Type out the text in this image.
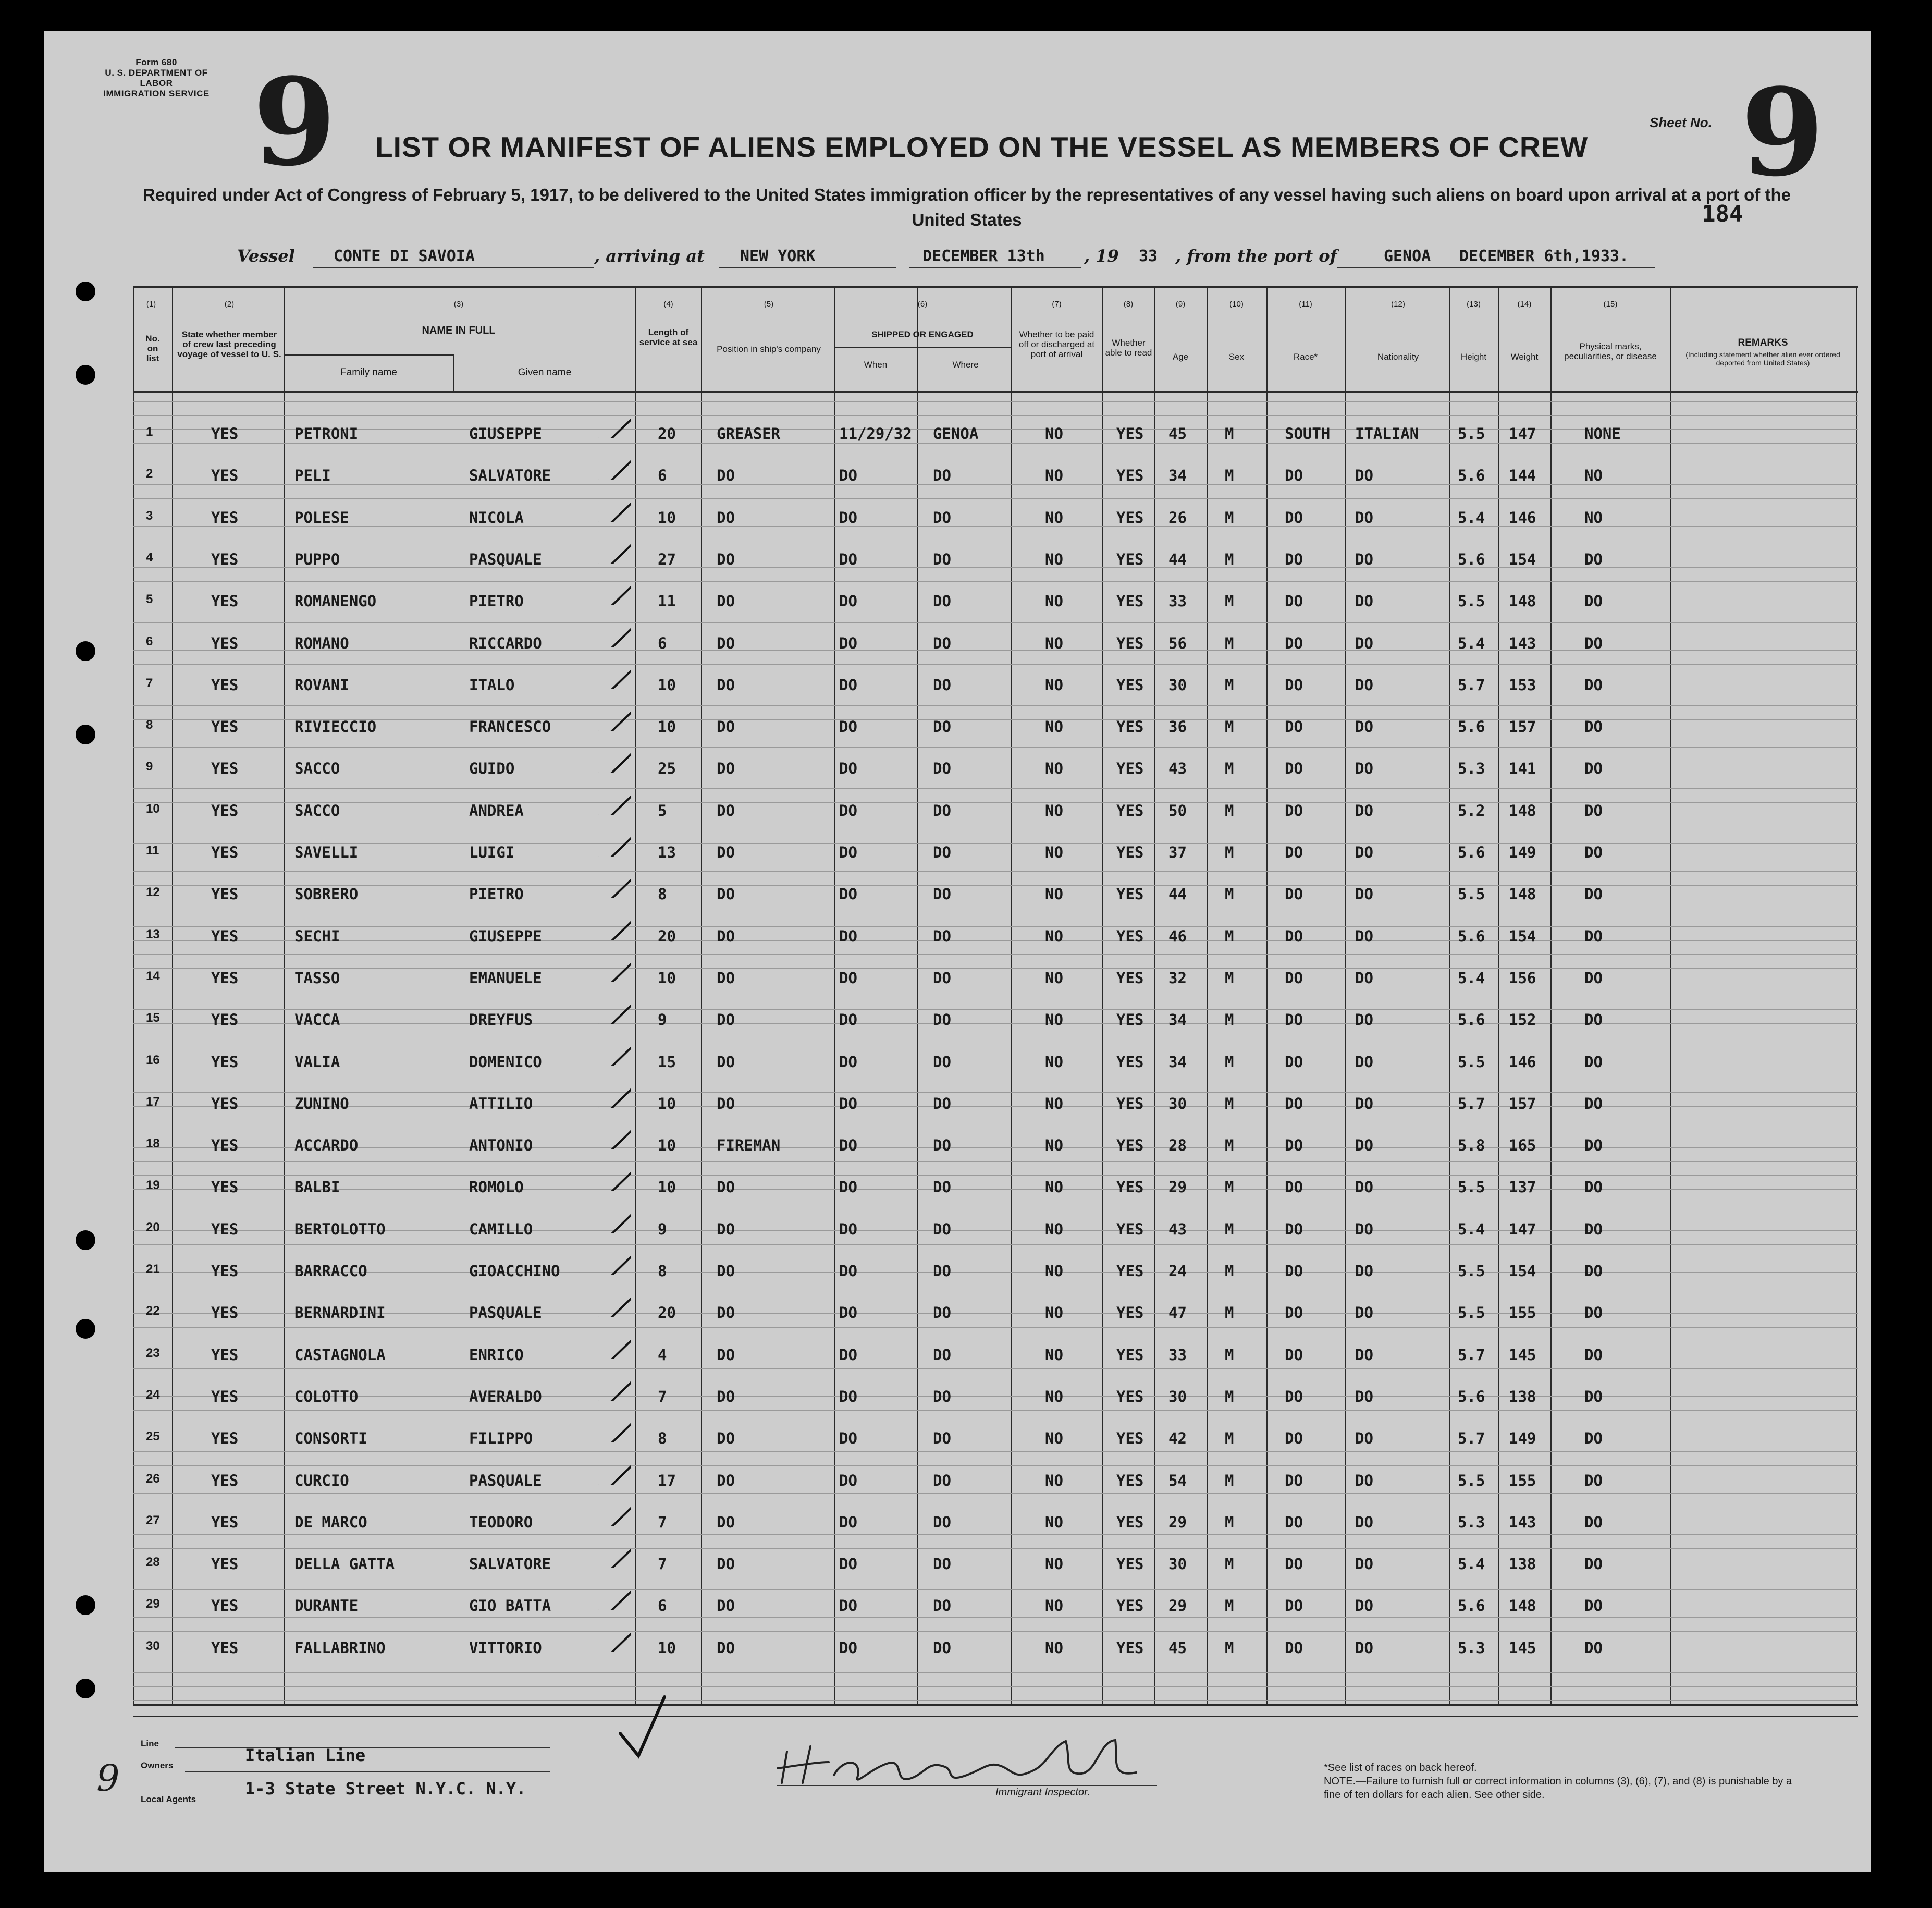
Form 680
U. S. DEPARTMENT OF LABOR
IMMIGRATION SERVICE 9 LIST OR MANIFEST OF ALIENS EMPLOYED ON THE VESSEL AS MEMBERS OF CREW
Sheet No. 9
Required under Act of Congress of February 5, 1917, to be delivered to the United States immigration officer by the representatives of any vessel having such aliens on board upon arrival at a port of the United States	184
Vessel CONTE DI SAVOIA	, arriving at NEW YORK	DECEMBER 13th , 19 33 , from the port of	GENOA DECEMBER 6th,1933.
(1)
No. on list
(2)
State whether member of crew last preceding voyage of vessel to U. S.
(3)
NAME IN FULL
Family name	Given name
(4)
Length of service at sea
(5)
Position in ship's company
(6)
SHIPPED OR ENGAGED
When	Where
(7)
Whether to be paid off or discharged at port of arrival
(8)
Whether able to read
(9)
Age
(10)
Sex
(11)
Race*
(12)
Nationality
(13)
Height
(14)
Weight
(15)
Physical marks, peculiarities, or disease
REMARKS
(Including statement whether alien ever ordered deported from United States)
1	YES	PETRONI	GIUSEPPE	20	GREASER	11/29/32 GENOA	NO	YES 45	M	SOUTH ITALIAN	5.5 147	NONE
2	YES	PELI	SALVATORE	6	DO	DO	DO	NO	YES 34	M	DO	DO	5.6 144	NO
3	YES	POLESE	NICOLA	10	DO	DO	DO	NO	YES 26	M	DO	DO	5.4 146	NO
4	YES	PUPPO	PASQUALE	27	DO	DO	DO	NO	YES 44	M	DO	DO	5.6 154	DO
5	YES	ROMANENGO	PIETRO	11	DO	DO	DO	NO	YES 33	M	DO	DO	5.5 148	DO
6	YES	ROMANO	RICCARDO	6	DO	DO	DO	NO	YES 56	M	DO	DO	5.4 143	DO
7	YES	ROVANI	ITALO	10	DO	DO	DO	NO	YES 30	M	DO	DO	5.7 153	DO
8	YES	RIVIECCIO	FRANCESCO	10	DO	DO	DO	NO	YES 36	M	DO	DO	5.6 157	DO
9	YES	SACCO	GUIDO	25	DO	DO	DO	NO	YES 43	M	DO	DO	5.3 141	DO
10	YES	SACCO	ANDREA	5	DO	DO	DO	NO	YES 50	M	DO	DO	5.2 148	DO
11	YES	SAVELLI	LUIGI	13	DO	DO	DO	NO	YES 37	M	DO	DO	5.6 149	DO
12	YES	SOBRERO	PIETRO	8	DO	DO	DO	NO	YES 44	M	DO	DO	5.5 148	DO
13	YES	SECHI	GIUSEPPE	20	DO	DO	DO	NO	YES 46	M	DO	DO	5.6 154	DO
14	YES	TASSO	EMANUELE	10	DO	DO	DO	NO	YES 32	M	DO	DO	5.4 156	DO
15	YES	VACCA	DREYFUS	9	DO	DO	DO	NO	YES 34	M	DO	DO	5.6 152	DO
16	YES	VALIA	DOMENICO	15	DO	DO	DO	NO	YES 34	M	DO	DO	5.5 146	DO
17	YES	ZUNINO	ATTILIO	10	DO	DO	DO	NO	YES 30	M	DO	DO	5.7 157	DO
18	YES	ACCARDO	ANTONIO	10	FIREMAN	DO	DO	NO	YES 28	M	DO	DO	5.8 165	DO
19	YES	BALBI	ROMOLO	10	DO	DO	DO	NO	YES 29	M	DO	DO	5.5 137	DO
20	YES	BERTOLOTTO	CAMILLO	9	DO	DO	DO	NO	YES 43	M	DO	DO	5.4 147	DO
21	YES	BARRACCO	GIOACCHINO	8	DO	DO	DO	NO	YES 24	M	DO	DO	5.5 154	DO
22	YES	BERNARDINI	PASQUALE	20	DO	DO	DO	NO	YES 47	M	DO	DO	5.5 155	DO
23	YES	CASTAGNOLA	ENRICO	4	DO	DO	DO	NO	YES 33	M	DO	DO	5.7 145	DO
24	YES	COLOTTO	AVERALDO	7	DO	DO	DO	NO	YES 30	M	DO	DO	5.6 138	DO
25	YES	CONSORTI	FILIPPO	8	DO	DO	DO	NO	YES 42	M	DO	DO	5.7 149	DO
26	YES	CURCIO	PASQUALE	17	DO	DO	DO	NO	YES 54	M	DO	DO	5.5 155	DO
27	YES	DE MARCO	TEODORO	7	DO	DO	DO	NO	YES 29	M	DO	DO	5.3 143	DO
28	YES	DELLA GATTA	SALVATORE	7	DO	DO	DO	NO	YES 30	M	DO	DO	5.4 138	DO
29	YES	DURANTE	GIO BATTA	6	DO	DO	DO	NO	YES 29	M	DO	DO	5.6 148	DO
30	YES	FALLABRINO	VITTORIO	10	DO	DO	DO	NO	YES 45	M	DO	DO	5.3 145	DO
Line
Owners
Local Agents
Italian Line
1-3 State Street N.Y.C. N.Y.
9	Immigrant Inspector.
*See list of races on back hereof.
NOTE.—Failure to furnish full or correct information in columns (3), (6), (7), and (8) is punishable by a fine of ten dollars for each alien. See other side.
